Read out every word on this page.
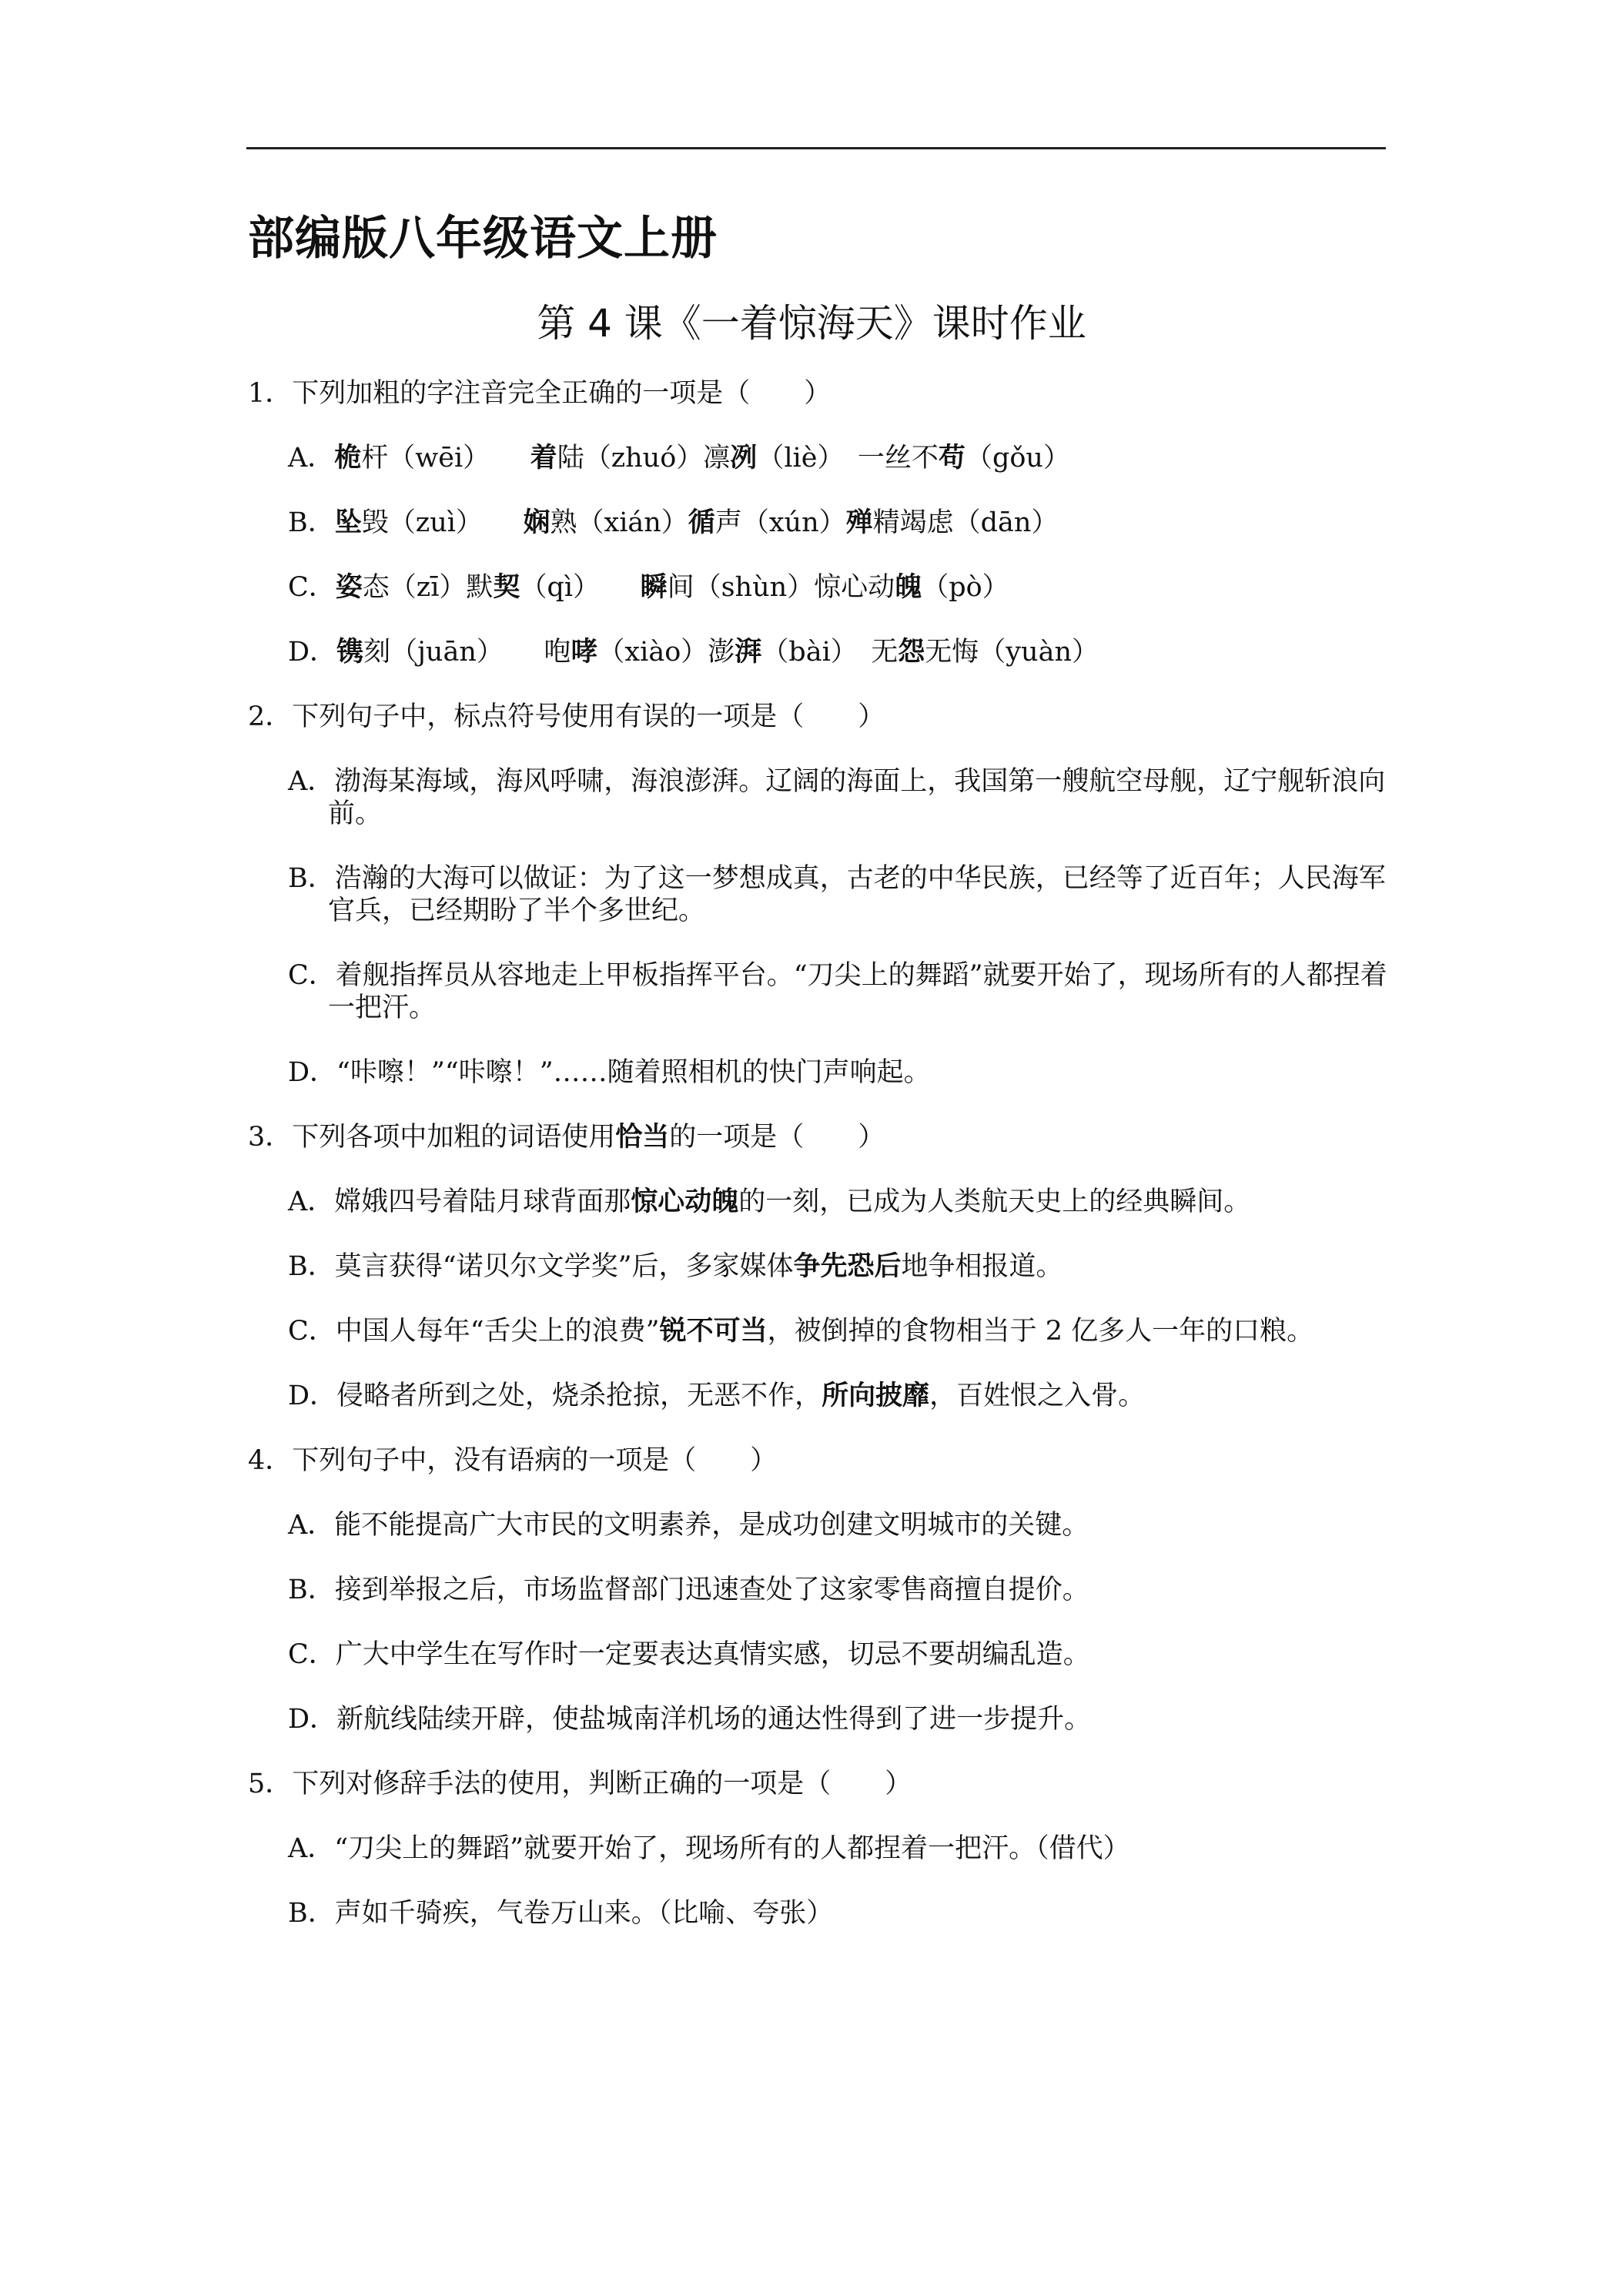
部编版八年级语文上册
第 4 课《一着惊海天》课时作业

1．下列加粗的字注音完全正确的一项是（　　）

A．桅杆（wēi）　　着陆（zhuó）凛冽（liè）　一丝不苟（gǒu）

B．坠毁（zuì）　　娴熟（xián）循声（xún）殚精竭虑（dān）

C．姿态（zī）默契（qì）　　瞬间（shùn）惊心动魄（pò）

D．镌刻（juān）　　咆哮（xiào）澎湃（bài）　无怨无悔（yuàn）

2．下列句子中，标点符号使用有误的一项是（　　）

A．渤海某海域，海风呼啸，海浪澎湃。辽阔的海面上，我国第一艘航空母舰，辽宁舰斩浪向前。

B．浩瀚的大海可以做证：为了这一梦想成真，古老的中华民族，已经等了近百年；人民海军官兵，已经期盼了半个多世纪。

C．着舰指挥员从容地走上甲板指挥平台。“刀尖上的舞蹈”就要开始了，现场所有的人都捏着一把汗。

D．“咔嚓！”“咔嚓！”……随着照相机的快门声响起。

3．下列各项中加粗的词语使用恰当的一项是（　　）

A．嫦娥四号着陆月球背面那惊心动魄的一刻，已成为人类航天史上的经典瞬间。

B．莫言获得“诺贝尔文学奖”后，多家媒体争先恐后地争相报道。

C．中国人每年“舌尖上的浪费”锐不可当，被倒掉的食物相当于 2 亿多人一年的口粮。

D．侵略者所到之处，烧杀抢掠，无恶不作，所向披靡，百姓恨之入骨。

4．下列句子中，没有语病的一项是（　　）

A．能不能提高广大市民的文明素养，是成功创建文明城市的关键。

B．接到举报之后，市场监督部门迅速查处了这家零售商擅自提价。

C．广大中学生在写作时一定要表达真情实感，切忌不要胡编乱造。

D．新航线陆续开辟，使盐城南洋机场的通达性得到了进一步提升。

5．下列对修辞手法的使用，判断正确的一项是（　　）

A．“刀尖上的舞蹈”就要开始了，现场所有的人都捏着一把汗。（借代）

B．声如千骑疾，气卷万山来。（比喻、夸张）
